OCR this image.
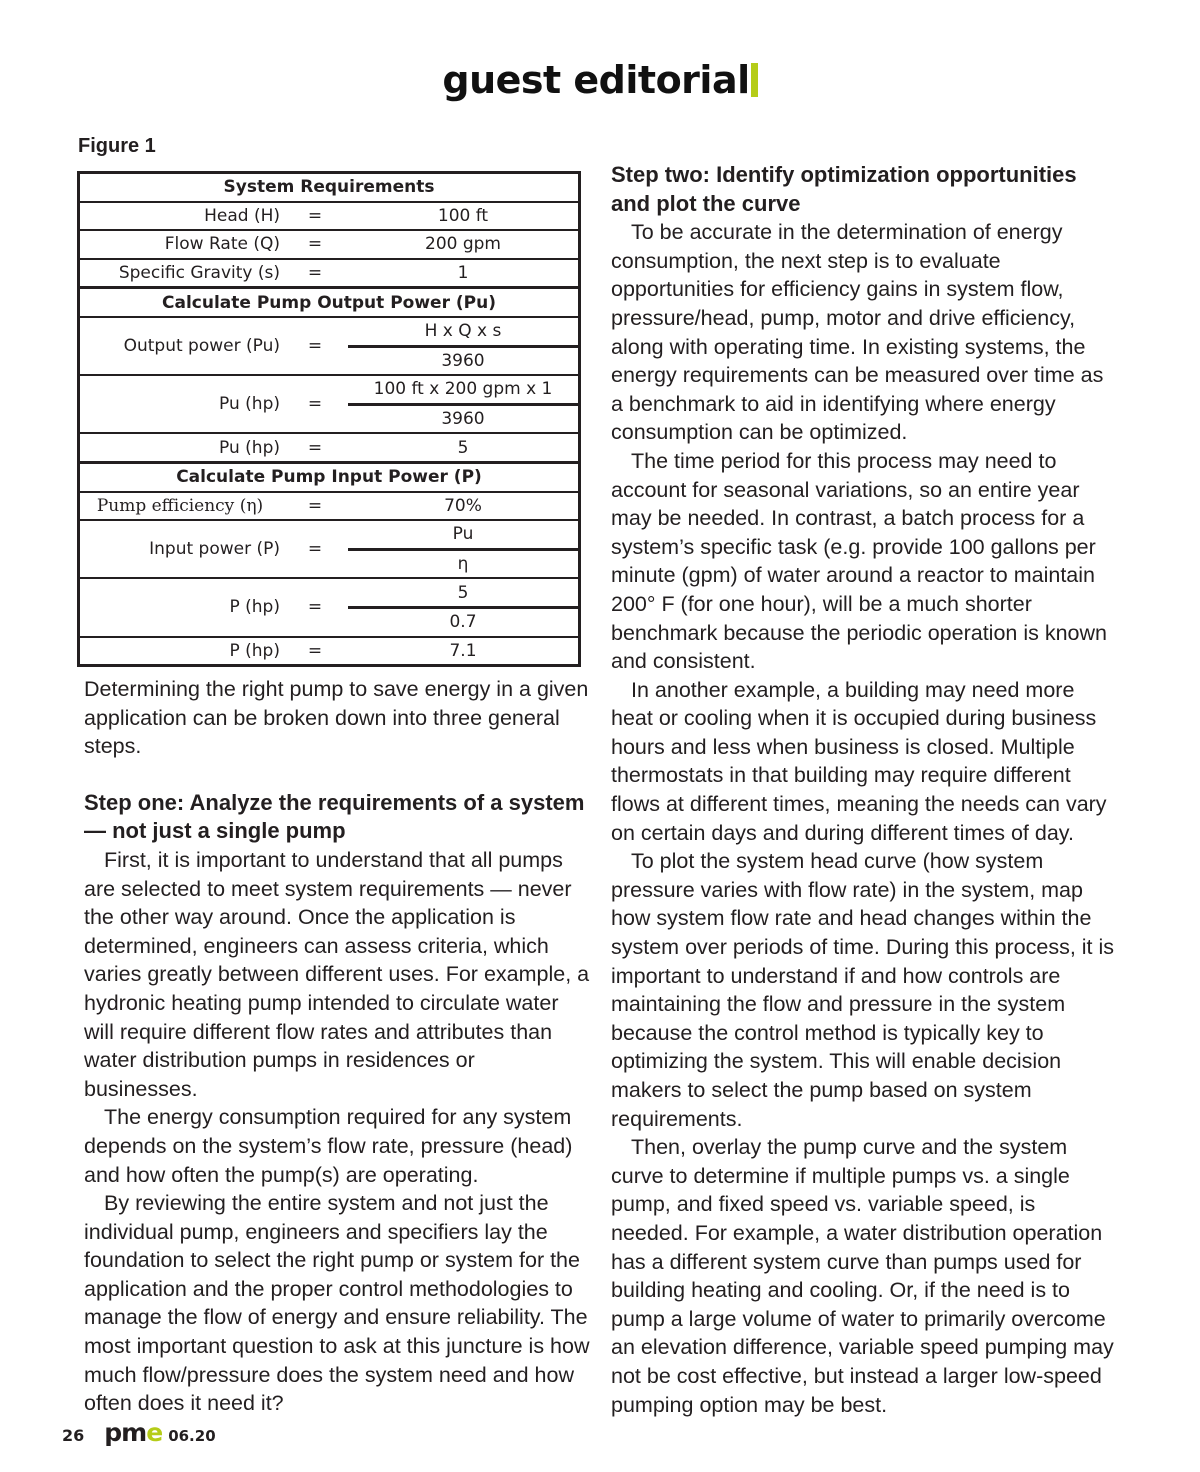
guest editorial
Figure 1
System Requirements		
Head (H)	=	100 ft
Flow Rate (Q)	=	200 gpm
Specific Gravity (s)	=	1
Calculate Pump Output Power (Pu)		
Output power (Pu)	=	H x Q x s
		3960
Pu (hp)	=	100 ft x 200 gpm x 1
		3960
Pu (hp)	=	5
Calculate Pump Input Power (P)		
Pump efficiency (η)	=	70%
Input power (P)	=	Pu
		η
P (hp)	=	5
		0.7
P (hp)	=	7.1

Determining the right pump to save energy in a given application can be broken down into three general steps.

Step one: Analyze the requirements of a system — not just a single pump

First, it is important to understand that all pumps are selected to meet system requirements — never the other way around. Once the application is determined, engineers can assess criteria, which varies greatly between different uses. For example, a hydronic heating pump intended to circulate water will require different flow rates and attributes than water distribution pumps in residences or businesses.

The energy consumption required for any system depends on the system’s flow rate, pressure (head) and how often the pump(s) are operating.

By reviewing the entire system and not just the individual pump, engineers and specifiers lay the foundation to select the right pump or system for the application and the proper control methodologies to manage the flow of energy and ensure reliability. The most important question to ask at this juncture is how much flow/pressure does the system need and how often does it need it?

Step two: Identify optimization opportunities and plot the curve

To be accurate in the determination of energy consumption, the next step is to evaluate opportunities for efficiency gains in system flow, pressure/head, pump, motor and drive efficiency, along with operating time. In existing systems, the energy requirements can be measured over time as a benchmark to aid in identifying where energy consumption can be optimized.

The time period for this process may need to account for seasonal variations, so an entire year may be needed. In contrast, a batch process for a system’s specific task (e.g. provide 100 gallons per minute (gpm) of water around a reactor to maintain 200° F (for one hour), will be a much shorter benchmark because the periodic operation is known and consistent.

In another example, a building may need more heat or cooling when it is occupied during business hours and less when business is closed. Multiple thermostats in that building may require different flows at different times, meaning the needs can vary on certain days and during different times of day.

To plot the system head curve (how system pressure varies with flow rate) in the system, map how system flow rate and head changes within the system over periods of time. During this process, it is important to understand if and how controls are maintaining the flow and pressure in the system because the control method is typically key to optimizing the system. This will enable decision makers to select the pump based on system requirements.

Then, overlay the pump curve and the system curve to determine if multiple pumps vs. a single pump, and fixed speed vs. variable speed, is needed. For example, a water distribution operation has a different system curve than pumps used for building heating and cooling. Or, if the need is to pump a large volume of water to primarily overcome an elevation difference, variable speed pumping may not be cost effective, but instead a larger low-speed pumping option may be best.

26 pme 06.20
